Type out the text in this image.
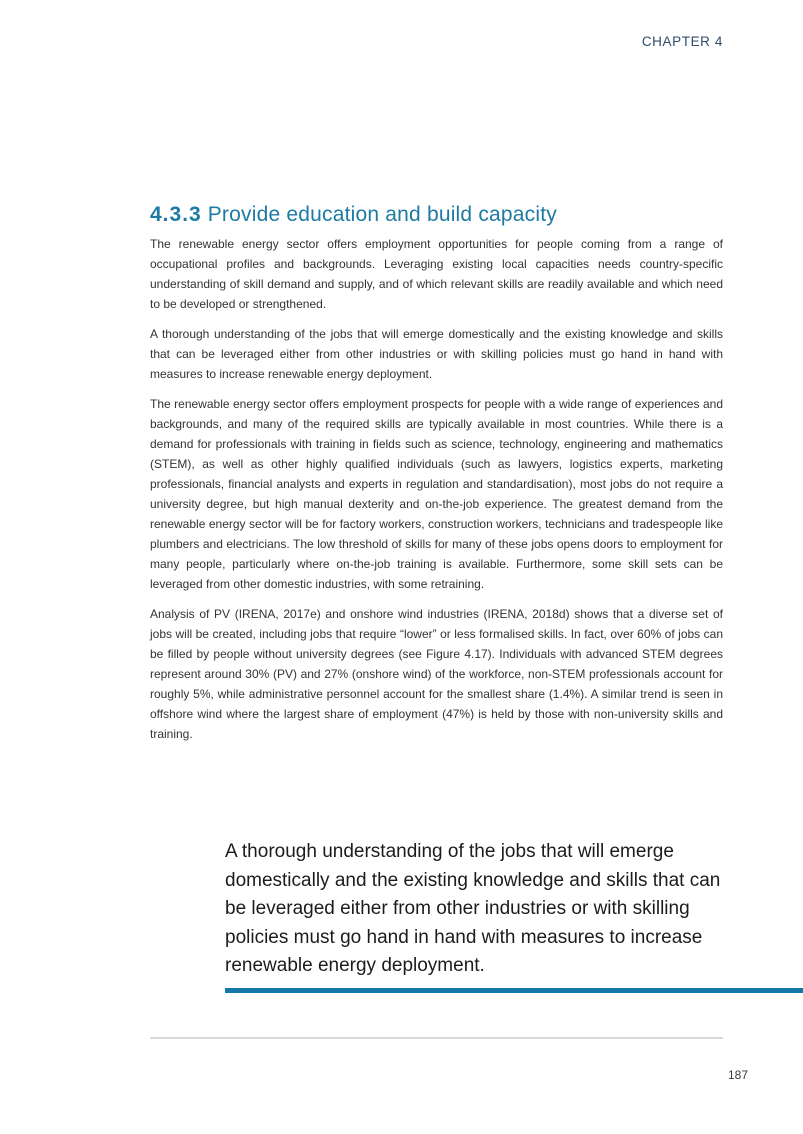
CHAPTER 4
4.3.3 Provide education and build capacity

The renewable energy sector offers employment opportunities for people coming from a range of occupational profiles and backgrounds. Leveraging existing local capacities needs country-specific understanding of skill demand and supply, and of which relevant skills are readily available and which need to be developed or strengthened.

A thorough understanding of the jobs that will emerge domestically and the existing knowledge and skills that can be leveraged either from other industries or with skilling policies must go hand in hand with measures to increase renewable energy deployment.

The renewable energy sector offers employment prospects for people with a wide range of experiences and backgrounds, and many of the required skills are typically available in most countries. While there is a demand for professionals with training in fields such as science, technology, engineering and mathematics (STEM), as well as other highly qualified individuals (such as lawyers, logistics experts, marketing professionals, financial analysts and experts in regulation and standardisation), most jobs do not require a university degree, but high manual dexterity and on-the-job experience. The greatest demand from the renewable energy sector will be for factory workers, construction workers, technicians and tradespeople like plumbers and electricians. The low threshold of skills for many of these jobs opens doors to employment for many people, particularly where on-the-job training is available. Furthermore, some skill sets can be leveraged from other domestic industries, with some retraining.

Analysis of PV (IRENA, 2017e) and onshore wind industries (IRENA, 2018d) shows that a diverse set of jobs will be created, including jobs that require “lower” or less formalised skills. In fact, over 60% of jobs can be filled by people without university degrees (see Figure 4.17). Individuals with advanced STEM degrees represent around 30% (PV) and 27% (onshore wind) of the workforce, non-STEM professionals account for roughly 5%, while administrative personnel account for the smallest share (1.4%). A similar trend is seen in offshore wind where the largest share of employment (47%) is held by those with non-university skills and training.

A thorough understanding of the jobs that will emerge domestically and the existing knowledge and skills that can be leveraged either from other industries or with skilling policies must go hand in hand with measures to increase renewable energy deployment.
187
